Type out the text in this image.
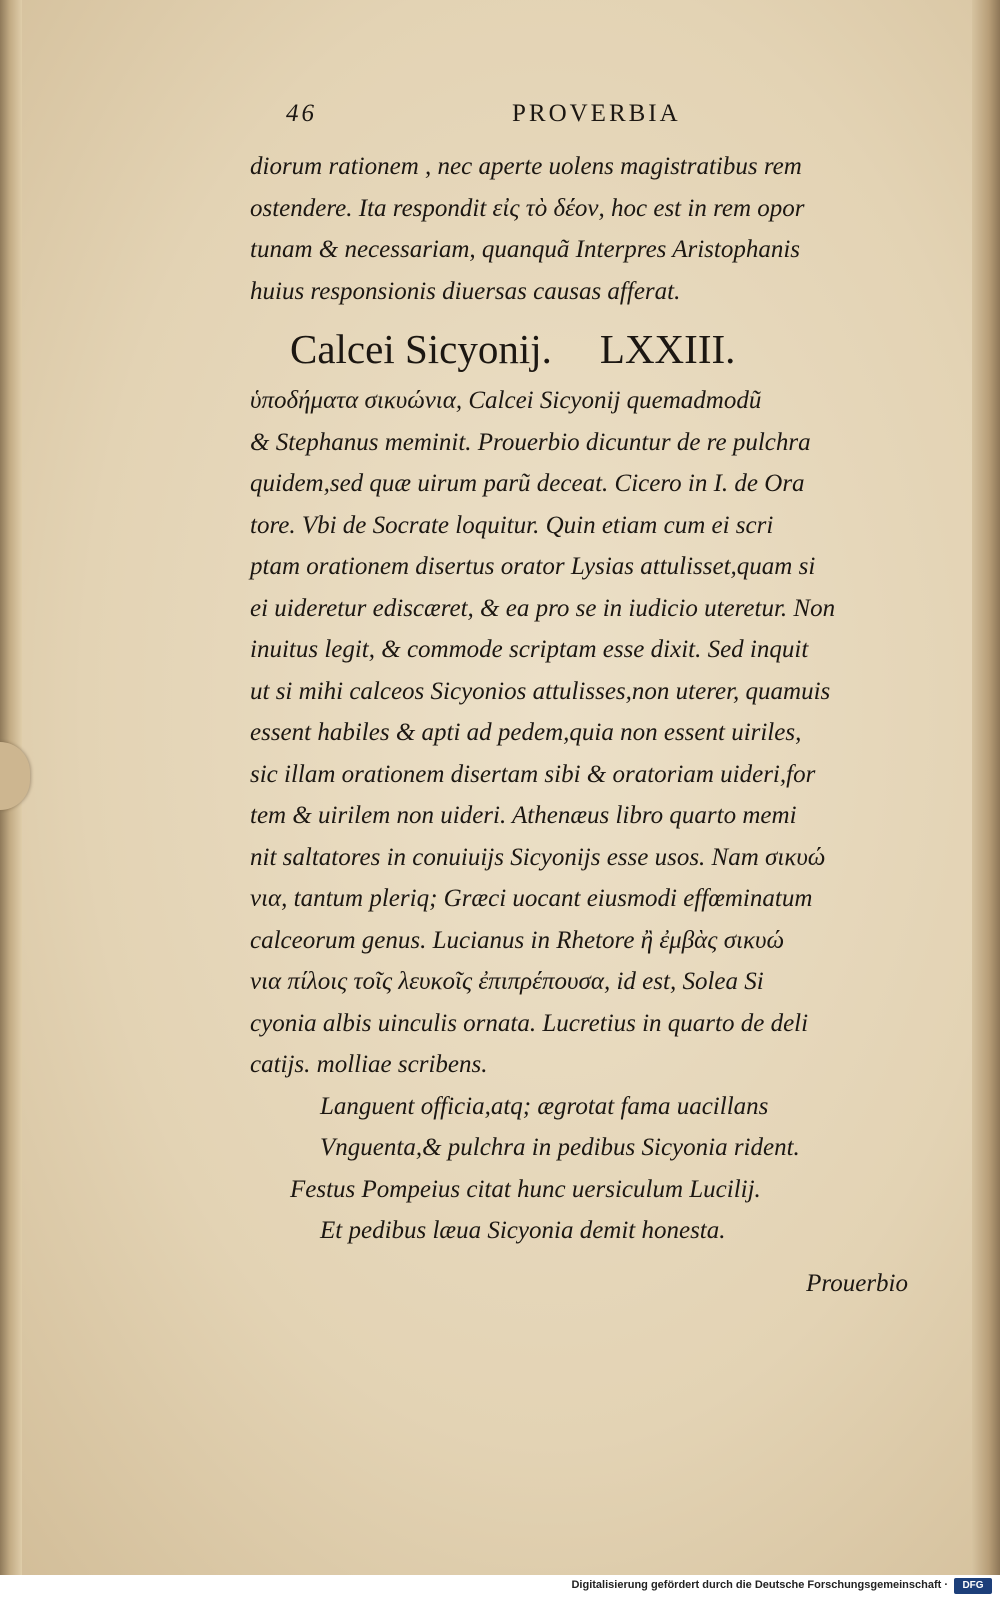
46	PROVERBIA
diorum rationem , nec aperte uolens magistratibus rem
ostendere. Ita respondit εἰς τὸ δέον, hoc est in rem opor
tunam & necessariam, quanquã Interpres Aristophanis
huius responsionis diuersas causas afferat.
Calcei Sicyonij. LXXIII.
ὑποδήματα σικυώνια, Calcei Sicyonij quemadmodũ
& Stephanus meminit. Prouerbio dicuntur de re pulchra
quidem,sed quæ uirum parũ deceat. Cicero in I. de Ora
tore. Vbi de Socrate loquitur. Quin etiam cum ei scri
ptam orationem disertus orator Lysias attulisset,quam si
ei uideretur ediscæret, & ea pro se in iudicio uteretur. Non
inuitus legit, & commode scriptam esse dixit. Sed inquit
ut si mihi calceos Sicyonios attulisses,non uterer, quamuis
essent habiles & apti ad pedem,quia non essent uiriles,
sic illam orationem disertam sibi & oratoriam uideri,for
tem & uirilem non uideri. Athenæus libro quarto memi
nit saltatores in conuiuijs Sicyonijs esse usos. Nam σικυώ
νια, tantum pleriq; Græci uocant eiusmodi effœminatum
calceorum genus. Lucianus in Rhetore ἢ ἐμβὰς σικυώ
νια πίλοις τοῖς λευκοῖς ἐπιπρέπουσα, id est, Solea Si
cyonia albis uinculis ornata. Lucretius in quarto de deli
catijs. molliae scribens.
Languent officia,atq; ægrotat fama uacillans
Vnguenta,& pulchra in pedibus Sicyonia rident.
Festus Pompeius citat hunc uersiculum Lucilij.
Et pedibus læua Sicyonia demit honesta.
Prouerbio
Digitalisierung gefördert durch die Deutsche Forschungsgemeinschaft ·	DFG
